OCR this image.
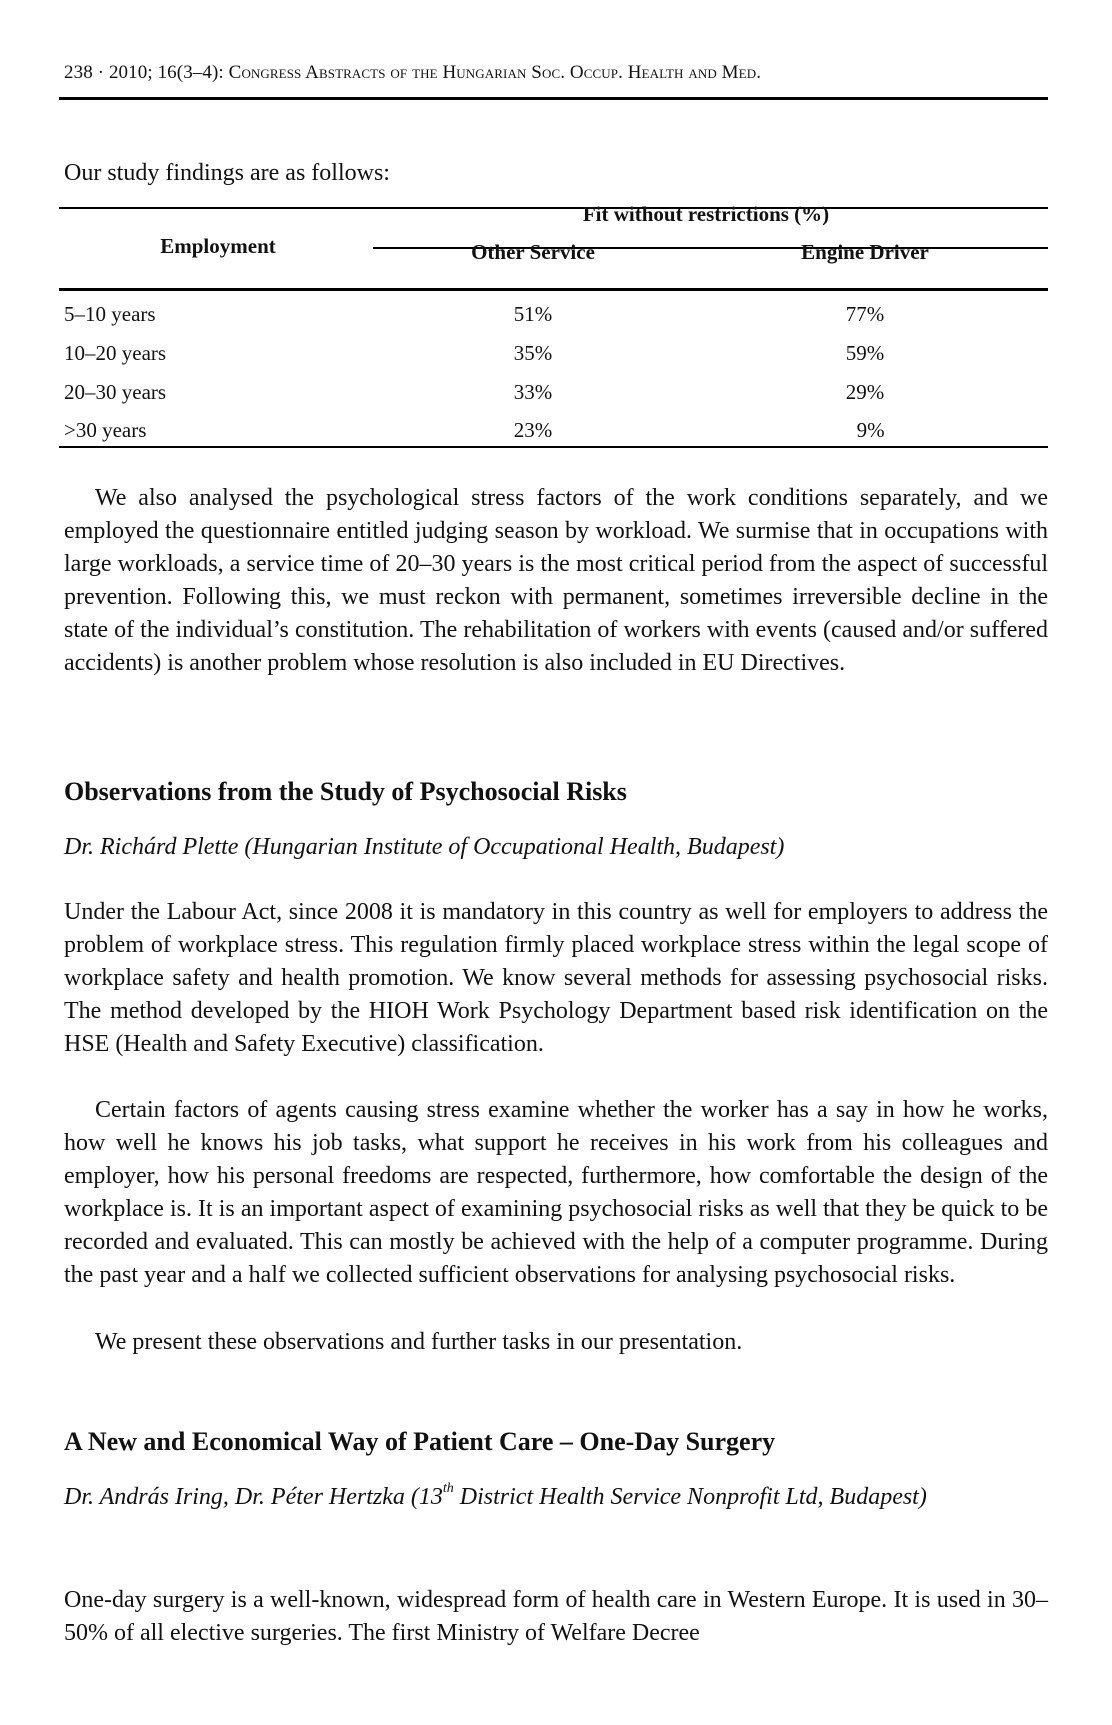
238 · 2010; 16(3–4): Congress Abstracts of the Hungarian Soc. Occup. Health and Med.
Our study findings are as follows:
Employment
Fit without restrictions (%)
Other Service	Engine Driver
5–10 years	51%	77%
10–20 years	35%	59%
20–30 years	33%	29%
>30 years	23%	9%
We also analysed the psychological stress factors of the work conditions separately, and we employed the questionnaire entitled judging season by workload. We surmise that in occupations with large workloads, a service time of 20–30 years is the most critical period from the aspect of successful prevention. Following this, we must reckon with permanent, sometimes irreversible decline in the state of the individual’s constitution. The rehabilitation of workers with events (caused and/or suffered accidents) is another problem whose resolution is also included in EU Directives.
Observations from the Study of Psychosocial Risks
Dr. Richárd Plette (Hungarian Institute of Occupational Health, Budapest)
Under the Labour Act, since 2008 it is mandatory in this country as well for employers to address the problem of workplace stress. This regulation firmly placed workplace stress within the legal scope of workplace safety and health promotion. We know several methods for assessing psychosocial risks. The method developed by the HIOH Work Psychology Department based risk identification on the HSE (Health and Safety Executive) classification.
Certain factors of agents causing stress examine whether the worker has a say in how he works, how well he knows his job tasks, what support he receives in his work from his colleagues and employer, how his personal freedoms are respected, furthermore, how comfortable the design of the workplace is. It is an important aspect of examining psychosocial risks as well that they be quick to be recorded and evaluated. This can mostly be achieved with the help of a computer programme. During the past year and a half we collected sufficient observations for analysing psychosocial risks.
We present these observations and further tasks in our presentation.
A New and Economical Way of Patient Care – One-Day Surgery
Dr. András Iring, Dr. Péter Hertzka (13th District Health Service Nonprofit Ltd, Budapest)
One-day surgery is a well-known, widespread form of health care in Western Europe. It is used in 30–50% of all elective surgeries. The first Ministry of Welfare Decree
